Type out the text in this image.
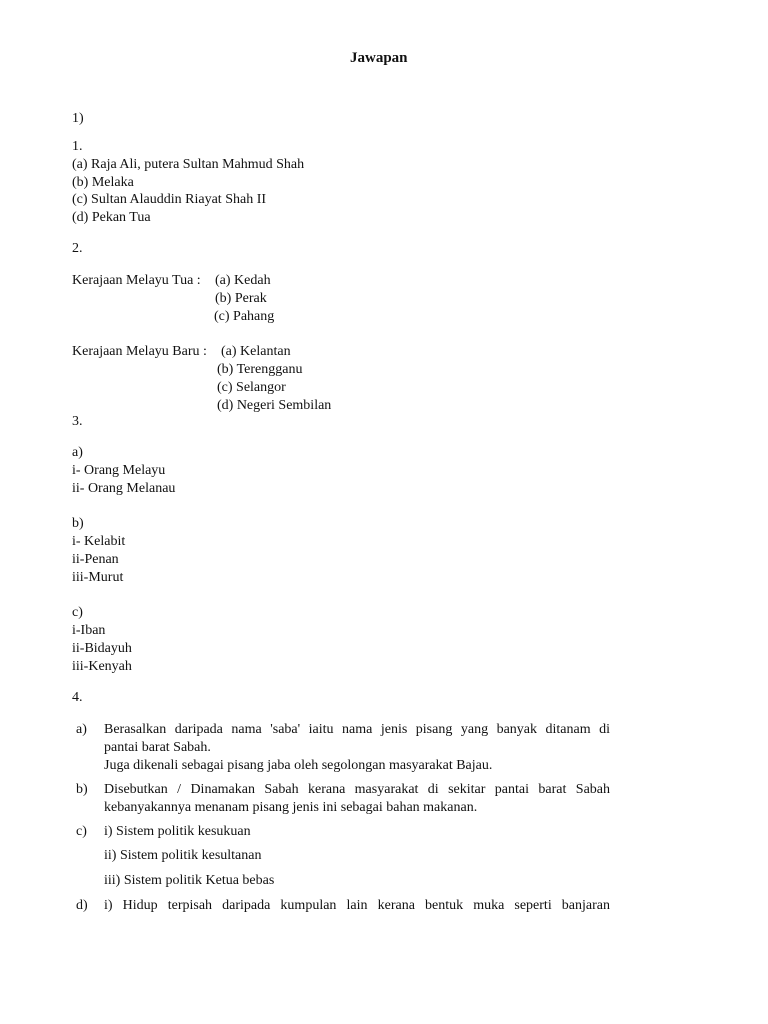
Jawapan
1)
1.
(a) Raja Ali, putera Sultan Mahmud Shah
(b) Melaka
(c) Sultan Alauddin Riayat Shah II
(d) Pekan Tua
2.
Kerajaan Melayu Tua : (a) Kedah
(b) Perak
(c) Pahang
Kerajaan Melayu Baru : (a) Kelantan
(b) Terengganu
(c) Selangor
(d) Negeri Sembilan
3.
a)
i- Orang Melayu
ii- Orang Melanau
b)
i- Kelabit
ii-Penan
iii-Murut
c)
i-Iban
ii-Bidayuh
iii-Kenyah
4.
a) Berasalkan daripada nama 'saba' iaitu nama jenis pisang yang banyak ditanam di
pantai barat Sabah.
Juga dikenali sebagai pisang jaba oleh segolongan masyarakat Bajau.
b) Disebutkan / Dinamakan Sabah kerana masyarakat di sekitar pantai barat Sabah
kebanyakannya menanam pisang jenis ini sebagai bahan makanan.
c) i) Sistem politik kesukuan
ii) Sistem politik kesultanan
iii) Sistem politik Ketua bebas
d) i) Hidup terpisah daripada kumpulan lain kerana bentuk muka seperti banjaran
